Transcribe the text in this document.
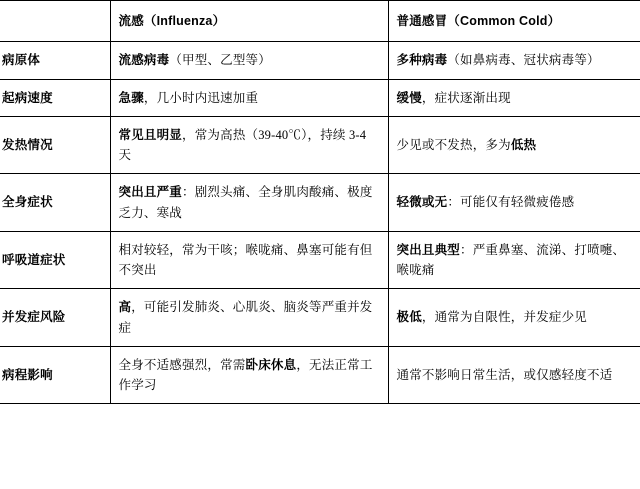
	流感（Influenza）	普通感冒（Common Cold）
病原体	流感病毒（甲型、乙型等）	多种病毒（如鼻病毒、冠状病毒等）
起病速度	急骤，几小时内迅速加重	缓慢，症状逐渐出现
发热情况	常见且明显，常为高热（39-40℃），持续 3-4 天	少见或不发热，多为低热
全身症状	突出且严重：剧烈头痛、全身肌肉酸痛、极度乏力、寒战	轻微或无：可能仅有轻微疲倦感
呼吸道症状	相对较轻，常为干咳；喉咙痛、鼻塞可能有但不突出	突出且典型：严重鼻塞、流涕、打喷嚏、喉咙痛
并发症风险	高，可能引发肺炎、心肌炎、脑炎等严重并发症	极低，通常为自限性，并发症少见
病程影响	全身不适感强烈，常需卧床休息，无法正常工作学习	通常不影响日常生活，或仅感轻度不适
